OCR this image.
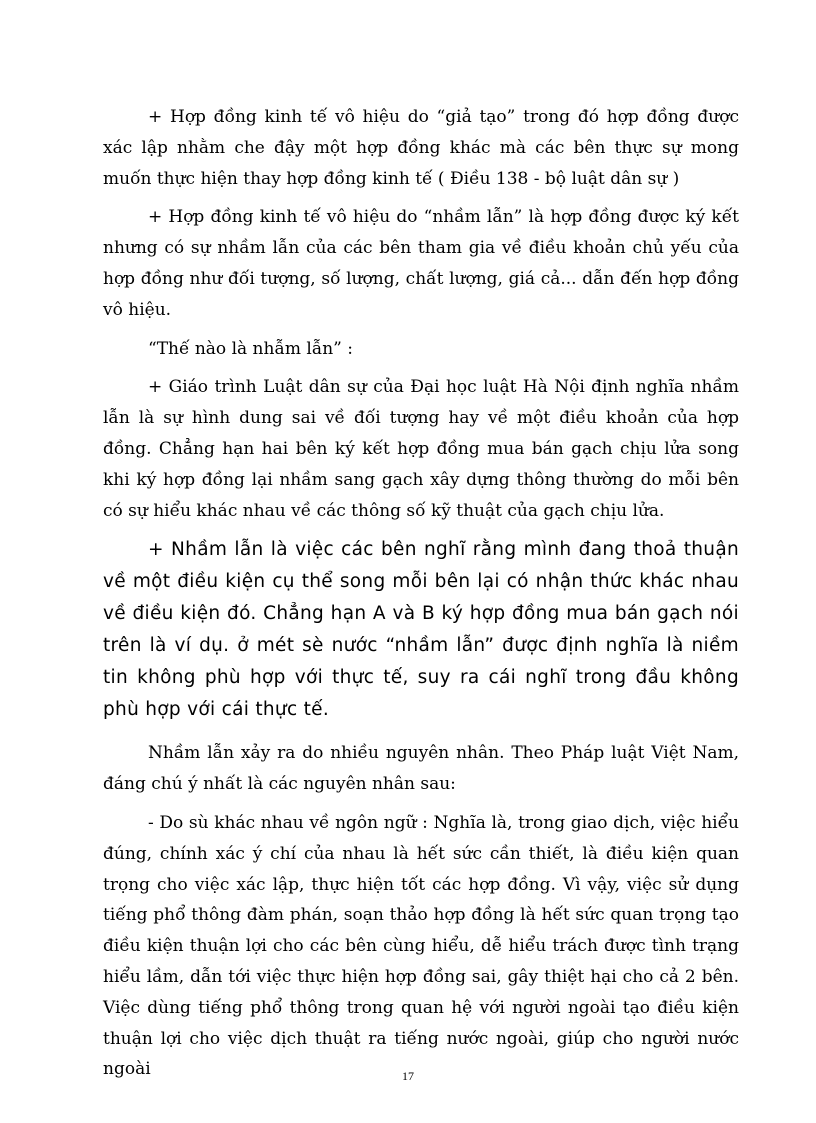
+ Hợp đồng kinh tế vô hiệu do “giả tạo” trong đó hợp đồng được xác lập nhằm che đậy một hợp đồng khác mà các bên thực sự mong muốn thực hiện thay hợp đồng kinh tế ( Điều 138 - bộ luật dân sự )

+ Hợp đồng kinh tế vô hiệu do “nhầm lẫn” là hợp đồng được ký kết nhưng có sự nhầm lẫn của các bên tham gia về điều khoản chủ yếu của hợp đồng như đối tượng, số lượng, chất lượng, giá cả... dẫn đến hợp đồng vô hiệu.

“Thế nào là nhẫm lẫn” :

+ Giáo trình Luật dân sự của Đại học luật Hà Nội định nghĩa nhầm lẫn là sự hình dung sai về đối tượng hay về một điều khoản của hợp đồng. Chẳng hạn hai bên ký kết hợp đồng mua bán gạch chịu lửa song khi ký hợp đồng lại nhầm sang gạch xây dựng thông thường do mỗi bên có sự hiểu khác nhau về các thông số kỹ thuật của gạch chịu lửa.

+ Nhầm lẫn là việc các bên nghĩ rằng mình đang thoả thuận về một điều kiện cụ thể song mỗi bên lại có nhận thức khác nhau về điều kiện đó. Chẳng hạn A và B ký hợp đồng mua bán gạch nói trên là ví dụ. ở mét sè nước “nhầm lẫn” được định nghĩa là niềm tin không phù hợp với thực tế, suy ra cái nghĩ trong đầu không phù hợp với cái thực tế.

Nhầm lẫn xảy ra do nhiều nguyên nhân. Theo Pháp luật Việt Nam, đáng chú ý nhất là các nguyên nhân sau:

- Do sù khác nhau về ngôn ngữ : Nghĩa là, trong giao dịch, việc hiểu đúng, chính xác ý chí của nhau là hết sức cần thiết, là điều kiện quan trọng cho việc xác lập, thực hiện tốt các hợp đồng. Vì vậy, việc sử dụng tiếng phổ thông đàm phán, soạn thảo hợp đồng là hết sức quan trọng tạo điều kiện thuận lợi cho các bên cùng hiểu, dễ hiểu trách được tình trạng hiểu lầm, dẫn tới việc thực hiện hợp đồng sai, gây thiệt hại cho cả 2 bên. Việc dùng tiếng phổ thông trong quan hệ với người ngoài tạo điều kiện thuận lợi cho việc dịch thuật ra tiếng nước ngoài, giúp cho người nước ngoài	17
